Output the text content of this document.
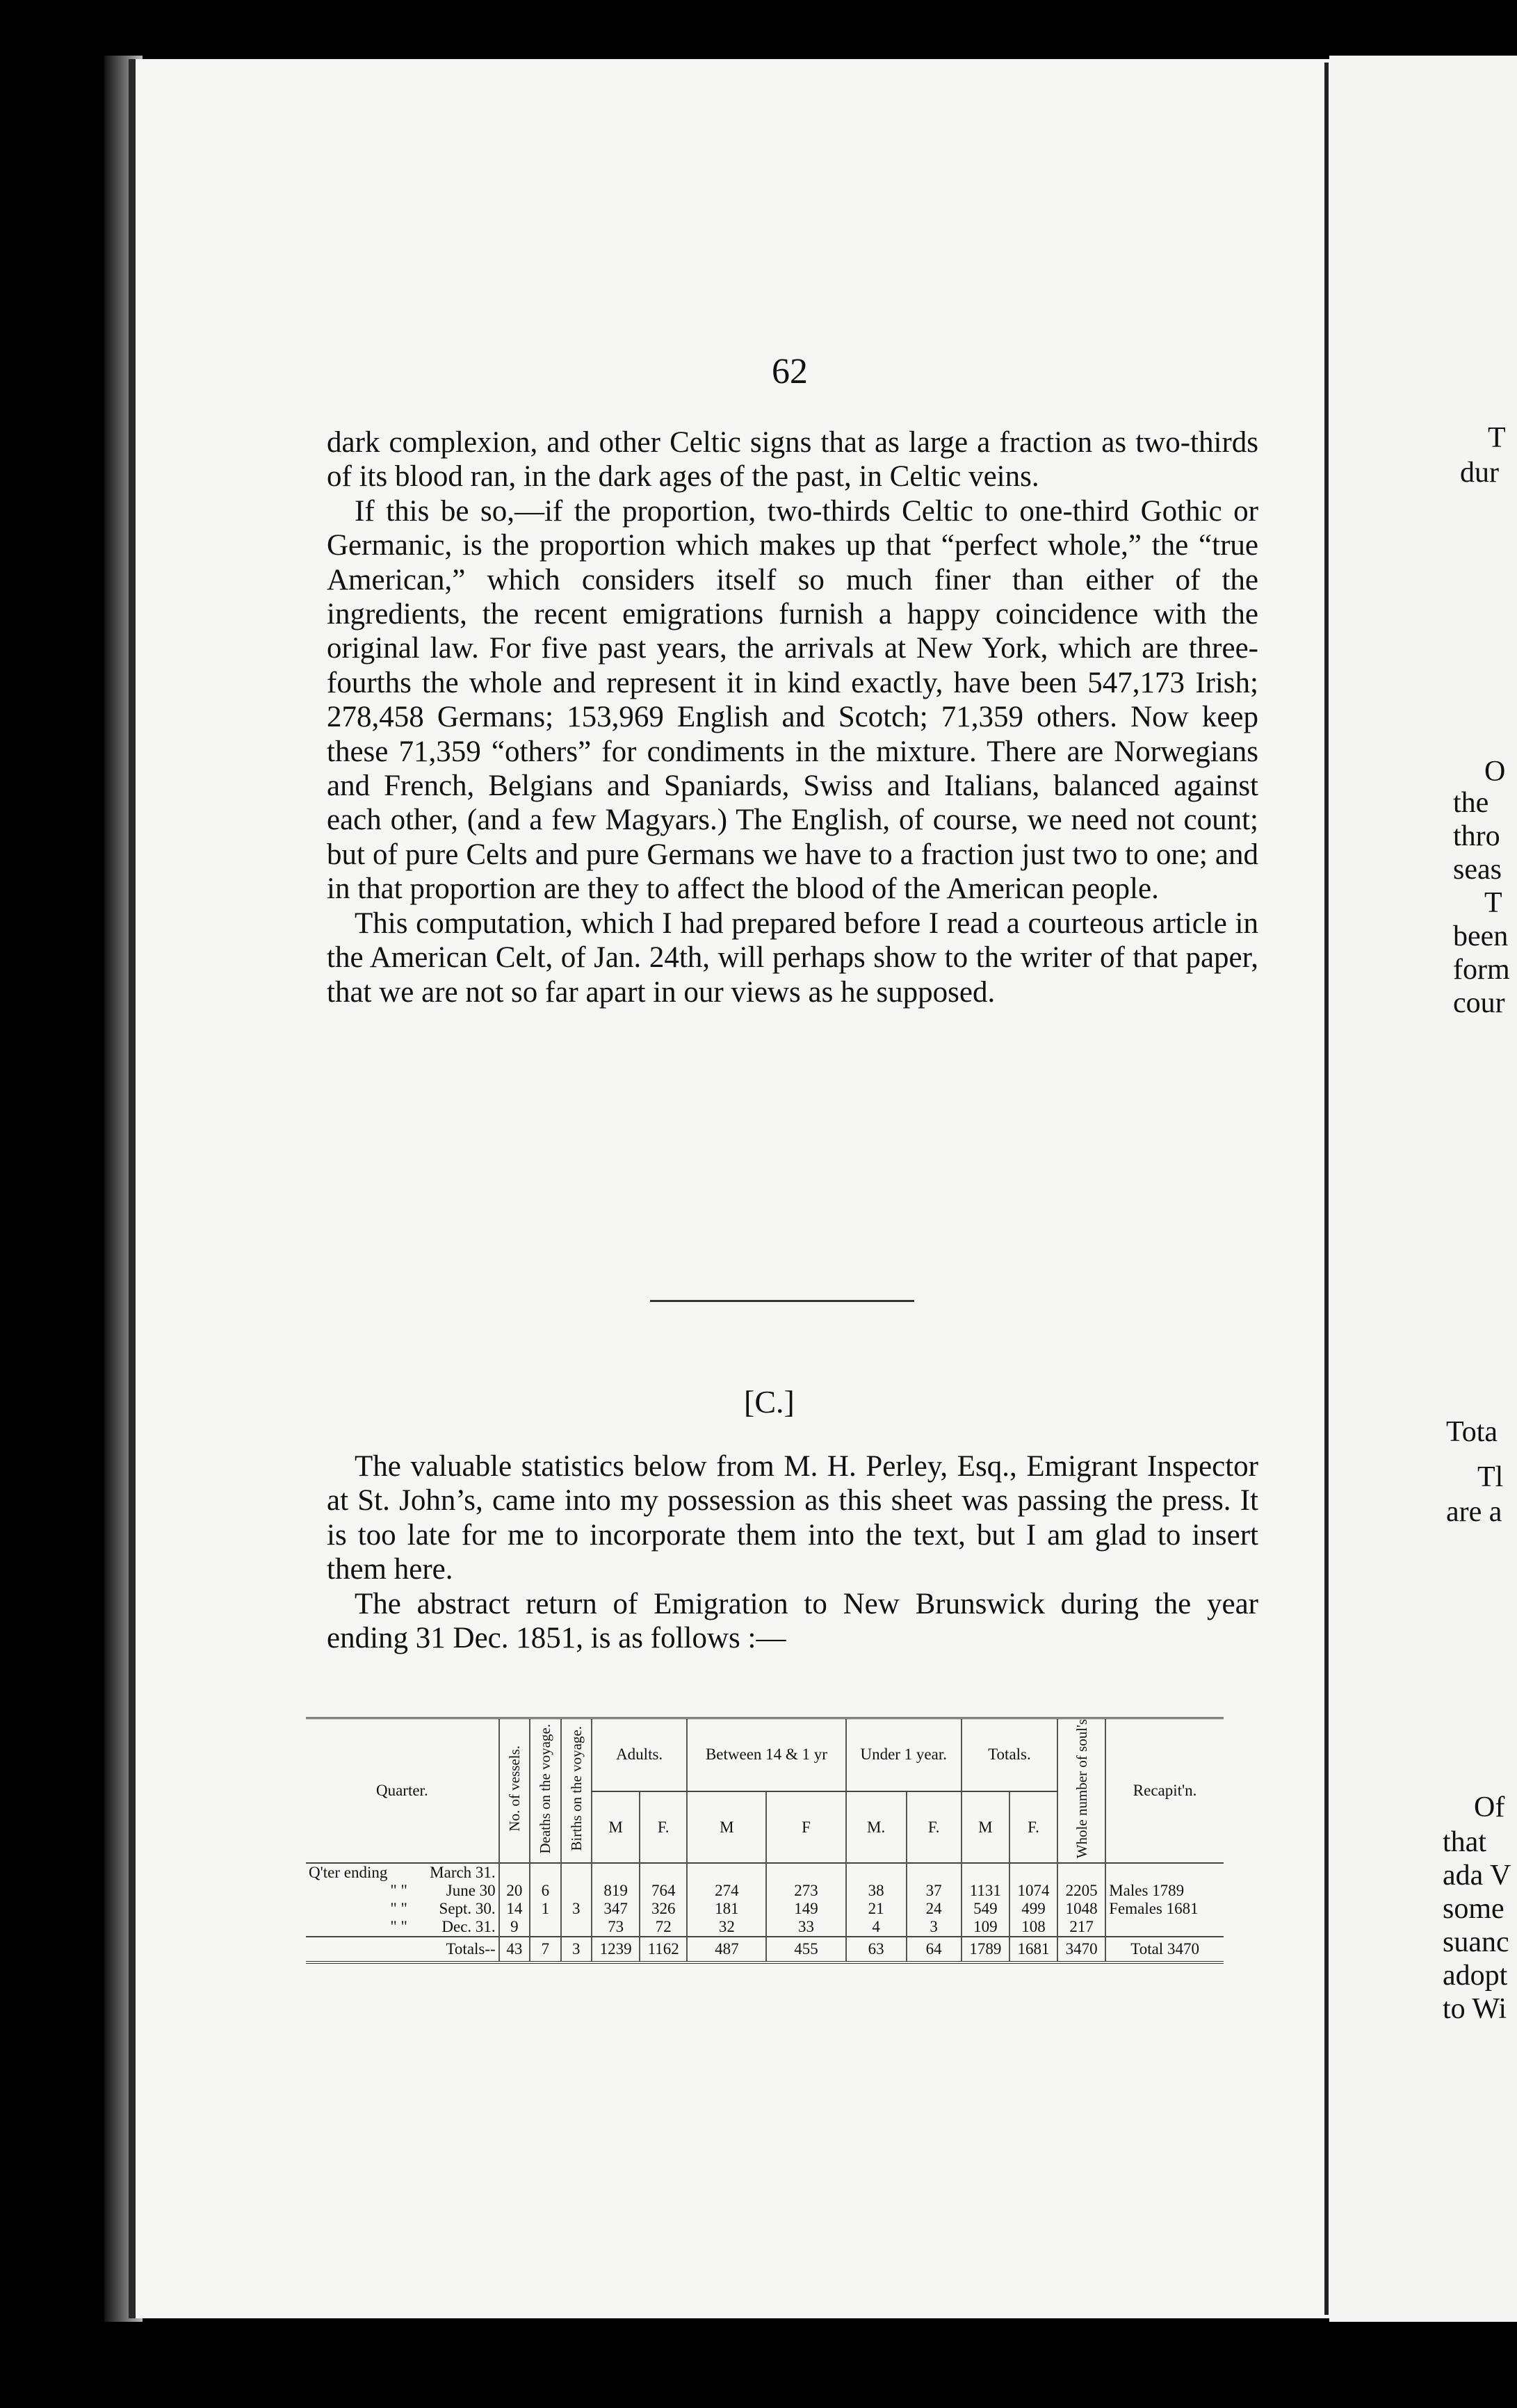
62

dark complexion, and other Celtic signs that as large a fraction as two-thirds of its blood ran, in the dark ages of the past, in Celtic veins.

If this be so,—if the proportion, two-thirds Celtic to one-third Gothic or Germanic, is the proportion which makes up that “perfect whole,” the “true American,” which considers itself so much finer than either of the ingredients, the recent emigrations furnish a happy coincidence with the original law. For five past years, the arrivals at New York, which are three-fourths the whole and represent it in kind exactly, have been 547,173 Irish; 278,458 Germans; 153,969 English and Scotch; 71,359 others. Now keep these 71,359 “others” for condiments in the mixture. There are Norwegians and French, Belgians and Spaniards, Swiss and Italians, balanced against each other, (and a few Magyars.) The English, of course, we need not count; but of pure Celts and pure Germans we have to a fraction just two to one; and in that proportion are they to affect the blood of the American people.

This computation, which I had prepared before I read a courteous article in the American Celt, of Jan. 24th, will perhaps show to the writer of that paper, that we are not so far apart in our views as he supposed.

[C.]

The valuable statistics below from M. H. Perley, Esq., Emigrant Inspector at St. John’s, came into my possession as this sheet was passing the press. It is too late for me to incorporate them into the text, but I am glad to insert them here.

The abstract return of Emigration to New Brunswick during the year ending 31 Dec. 1851, is as follows :—

Quarter.		No. of vessels.	Deaths on the voyage.	Births on the voyage.	Adults.		Between 14 & 1 yr		Under 1 year.		Totals.		Whole number of soul's	Recapit'n.
					M	F.	M	F	M.	F.	M	F.		
Q'ter ending	March 31.													
" "	June 30	20	6		819	764	274	273	38	37	1131	1074	2205	Males 1789
" "	Sept. 30.	14	1	3	347	326	181	149	21	24	549	499	1048	Females 1681
" "	Dec. 31.	9			73	72	32	33	4	3	109	108	217	
	Totals--	43	7	3	1239	1162	487	455	63	64	1789	1681	3470	Total 3470
T
dur
O
the
thro
seas
T
been
form
cour
Tota
Tl
are a
Of
that
ada V
some
suanc
adopt
to Wi
